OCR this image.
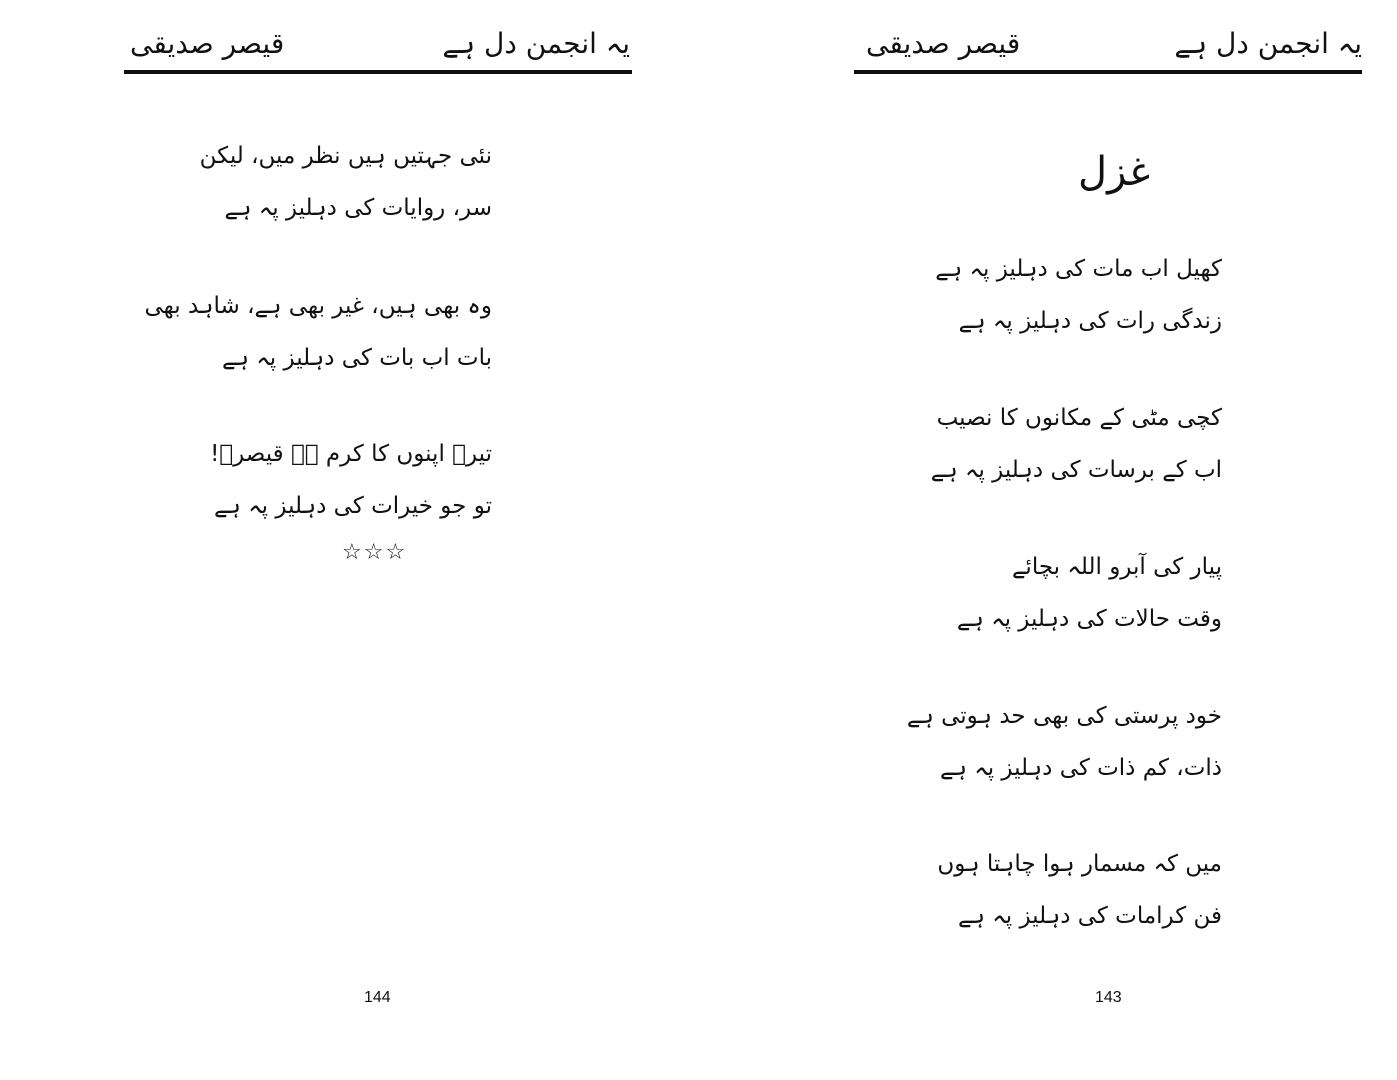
قیصر صدیقی	یہ انجمن دل ہے
نئی جہتیں ہیں نظر میں، لیکن
سر، روایات کی دہلیز پہ ہے
وہ بھی ہیں، غیر بھی ہے، شاہد بھی
بات اب بات کی دہلیز پہ ہے
تیرے اپنوں کا کرم ہے قیصرؔ!
تو جو خیرات کی دہلیز پہ ہے
☆☆☆
144
قیصر صدیقی	یہ انجمن دل ہے
غزل
کھیل اب مات کی دہلیز پہ ہے
زندگی رات کی دہلیز پہ ہے
کچی مٹی کے مکانوں کا نصیب
اب کے برسات کی دہلیز پہ ہے
پیار کی آبرو اللہ بچائے
وقت حالات کی دہلیز پہ ہے
خود پرستی کی بھی حد ہوتی ہے
ذات، کم ذات کی دہلیز پہ ہے
میں کہ مسمار ہوا چاہتا ہوں
فن کرامات کی دہلیز پہ ہے
143
